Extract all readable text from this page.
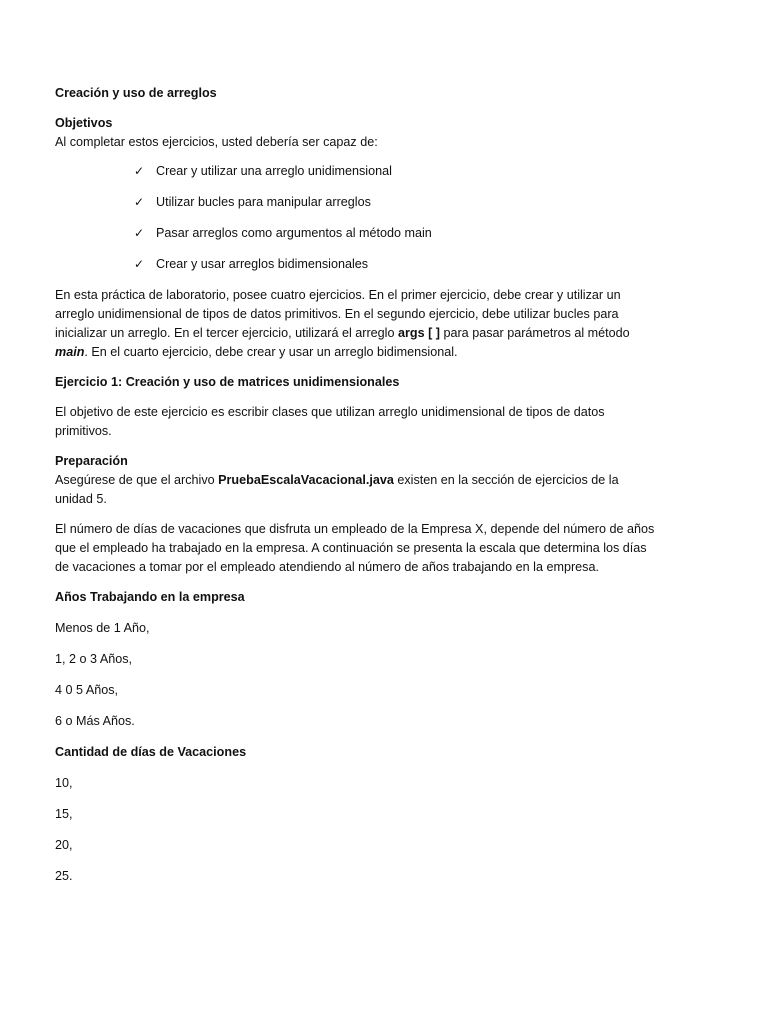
Creación y uso de arreglos

Objetivos

Al completar estos ejercicios, usted debería ser capaz de:

✓ Crear y utilizar una arreglo unidimensional
✓ Utilizar bucles para manipular arreglos
✓ Pasar arreglos como argumentos al método main
✓ Crear y usar arreglos bidimensionales

En esta práctica de laboratorio, posee cuatro ejercicios. En el primer ejercicio, debe crear y utilizar un arreglo unidimensional de tipos de datos primitivos. En el segundo ejercicio, debe utilizar bucles para inicializar un arreglo. En el tercer ejercicio, utilizará el arreglo args [ ] para pasar parámetros al método main. En el cuarto ejercicio, debe crear y usar un arreglo bidimensional.

Ejercicio 1: Creación y uso de matrices unidimensionales

El objetivo de este ejercicio es escribir clases que utilizan arreglo unidimensional de tipos de datos primitivos.

Preparación

Asegúrese de que el archivo PruebaEscalaVacacional.java existen en la sección de ejercicios de la unidad 5.

El número de días de vacaciones que disfruta un empleado de la Empresa X, depende del número de años que el empleado ha trabajado en la empresa. A continuación se presenta la escala que determina los días de vacaciones a tomar por el empleado atendiendo al número de años trabajando en la empresa.

Años Trabajando en la empresa

Menos de 1 Año,

1, 2 o 3 Años,

4 0 5 Años,

6 o Más Años.

Cantidad de días de Vacaciones

10,

15,

20,

25.
